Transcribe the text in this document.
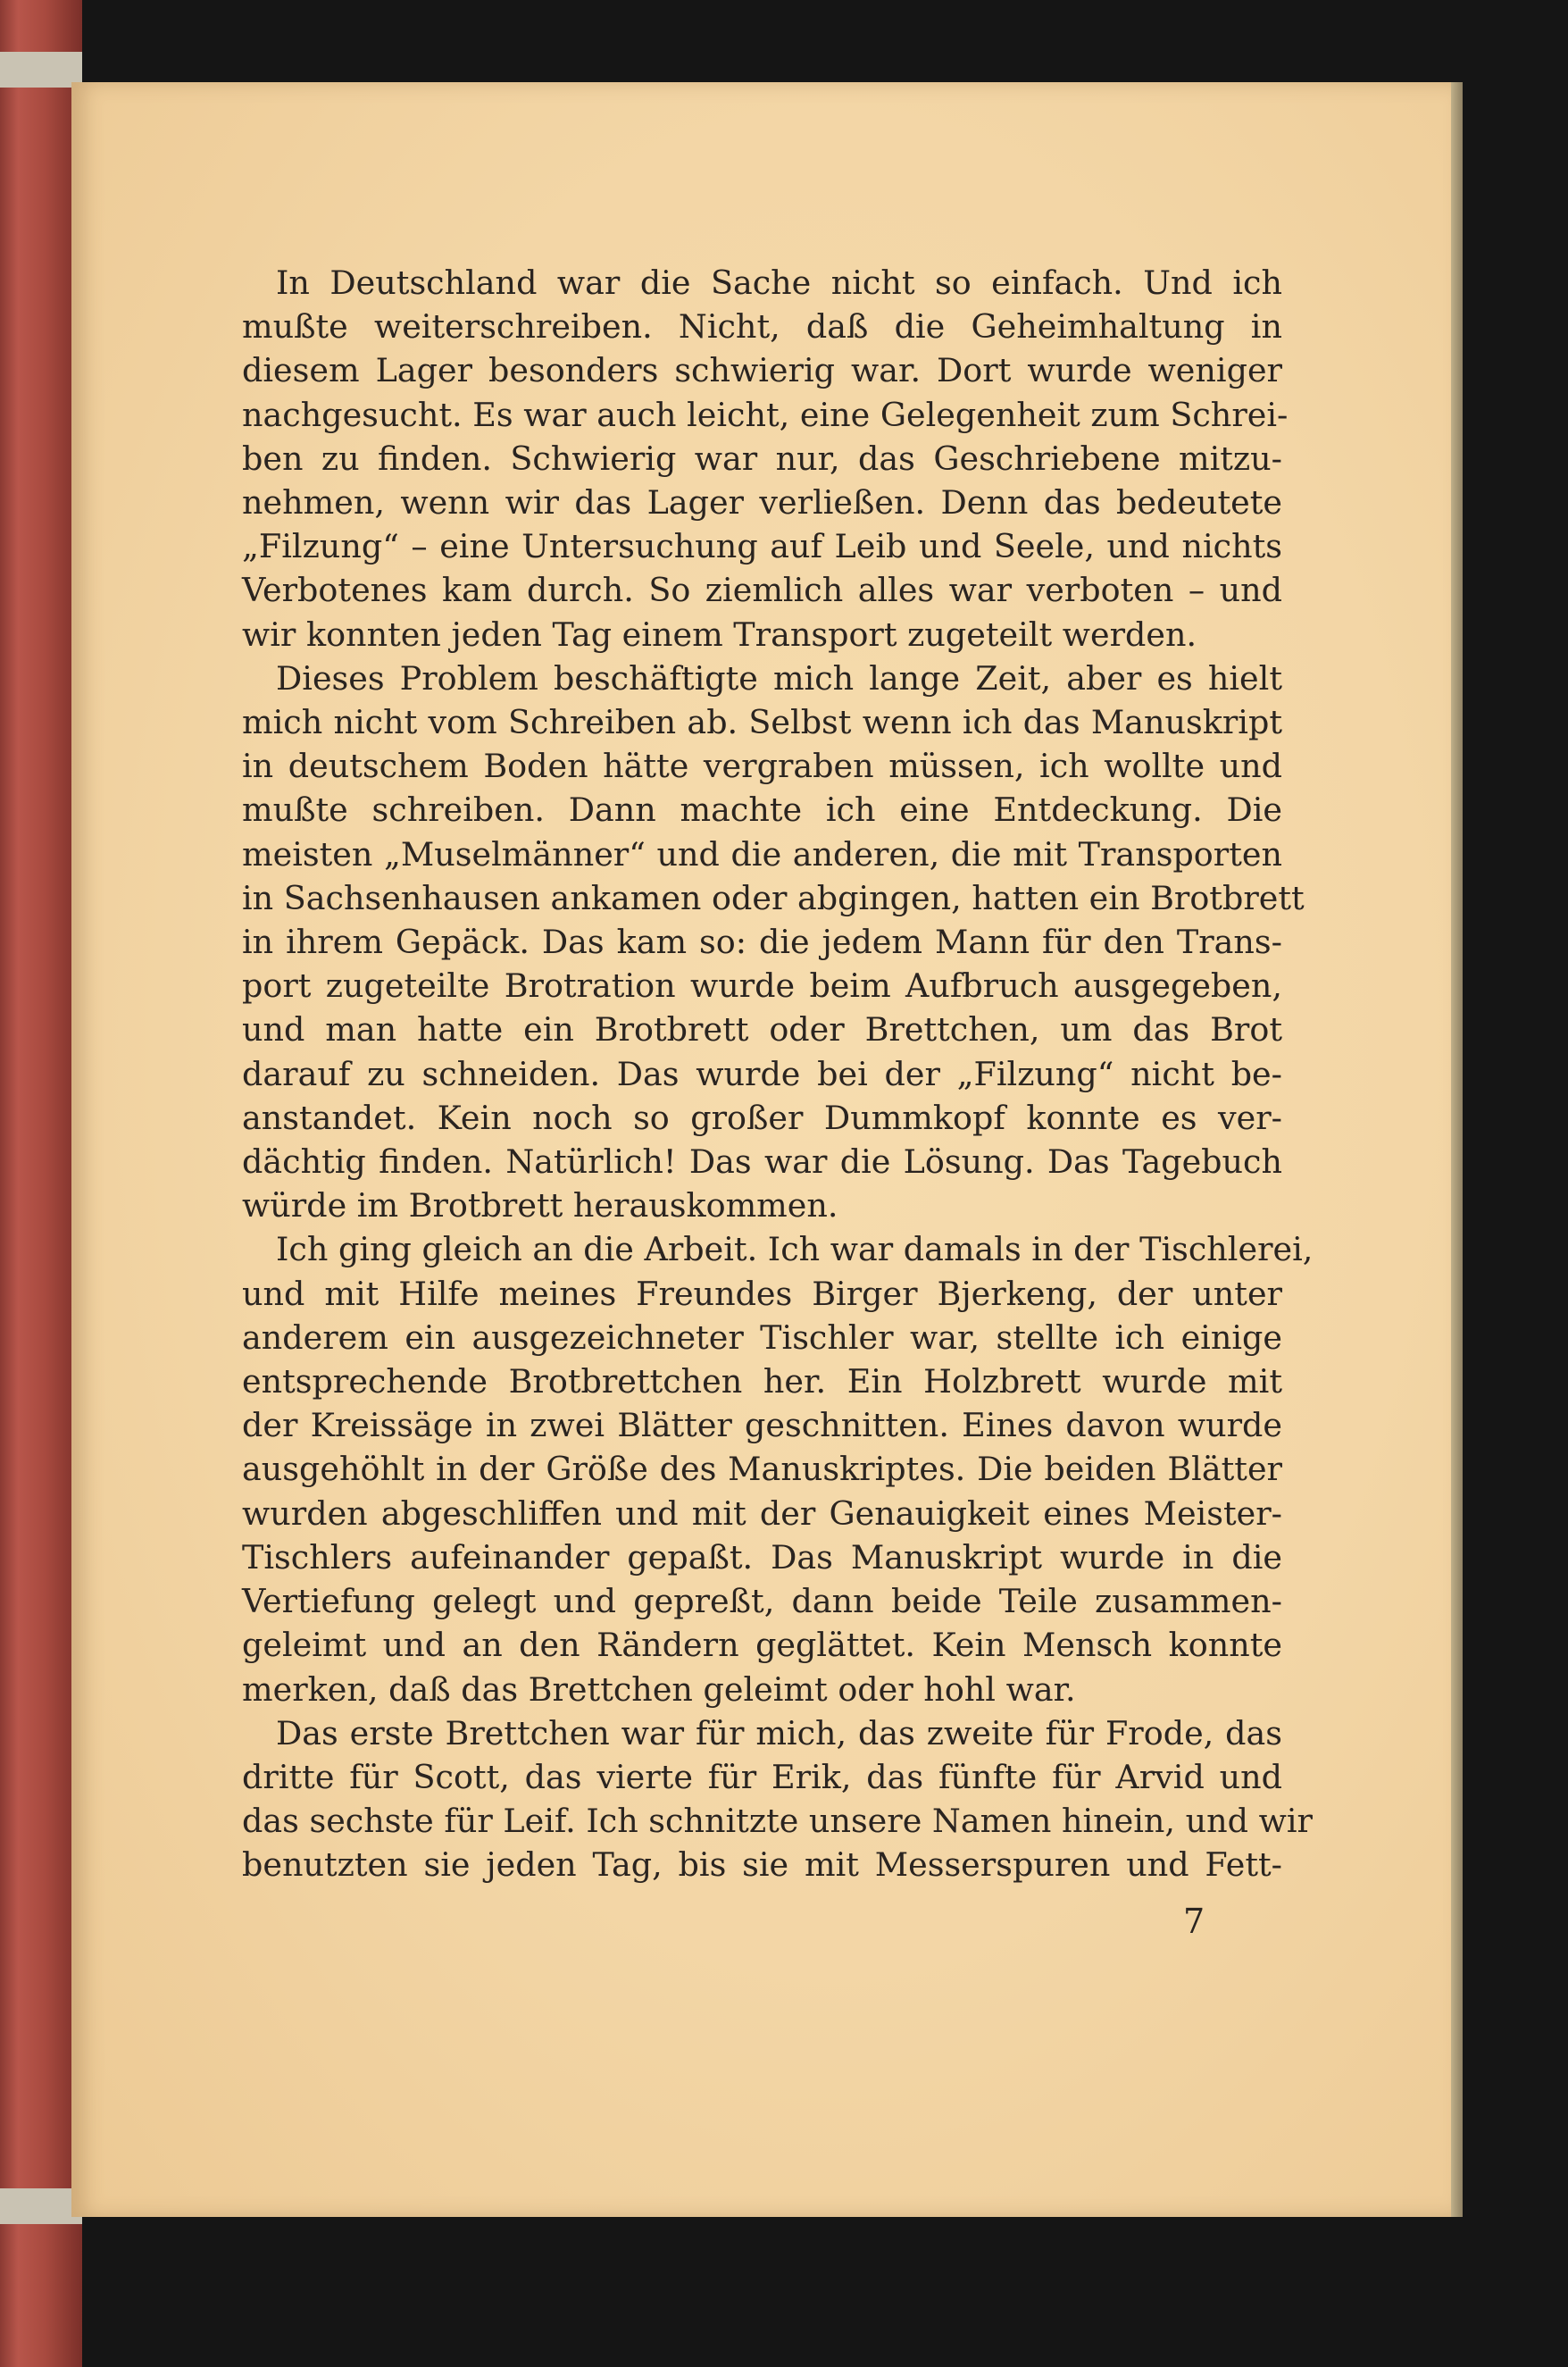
In Deutschland war die Sache nicht so einfach. Und ich
mußte weiterschreiben. Nicht, daß die Geheimhaltung in
diesem Lager besonders schwierig war. Dort wurde weniger
nachgesucht. Es war auch leicht, eine Gelegenheit zum Schrei-
ben zu finden. Schwierig war nur, das Geschriebene mitzu-
nehmen, wenn wir das Lager verließen. Denn das bedeutete
„Filzung“ – eine Untersuchung auf Leib und Seele, und nichts
Verbotenes kam durch. So ziemlich alles war verboten – und
wir konnten jeden Tag einem Transport zugeteilt werden.
Dieses Problem beschäftigte mich lange Zeit, aber es hielt
mich nicht vom Schreiben ab. Selbst wenn ich das Manuskript
in deutschem Boden hätte vergraben müssen, ich wollte und
mußte schreiben. Dann machte ich eine Entdeckung. Die
meisten „Muselmänner“ und die anderen, die mit Transporten
in Sachsenhausen ankamen oder abgingen, hatten ein Brotbrett
in ihrem Gepäck. Das kam so: die jedem Mann für den Trans-
port zugeteilte Brotration wurde beim Aufbruch ausgegeben,
und man hatte ein Brotbrett oder Brettchen, um das Brot
darauf zu schneiden. Das wurde bei der „Filzung“ nicht be-
anstandet. Kein noch so großer Dummkopf konnte es ver-
dächtig finden. Natürlich! Das war die Lösung. Das Tagebuch
würde im Brotbrett herauskommen.
Ich ging gleich an die Arbeit. Ich war damals in der Tischlerei,
und mit Hilfe meines Freundes Birger Bjerkeng, der unter
anderem ein ausgezeichneter Tischler war, stellte ich einige
entsprechende Brotbrettchen her. Ein Holzbrett wurde mit
der Kreissäge in zwei Blätter geschnitten. Eines davon wurde
ausgehöhlt in der Größe des Manuskriptes. Die beiden Blätter
wurden abgeschliffen und mit der Genauigkeit eines Meister-
Tischlers aufeinander gepaßt. Das Manuskript wurde in die
Vertiefung gelegt und gepreßt, dann beide Teile zusammen-
geleimt und an den Rändern geglättet. Kein Mensch konnte
merken, daß das Brettchen geleimt oder hohl war.
Das erste Brettchen war für mich, das zweite für Frode, das
dritte für Scott, das vierte für Erik, das fünfte für Arvid und
das sechste für Leif. Ich schnitzte unsere Namen hinein, und wir
benutzten sie jeden Tag, bis sie mit Messerspuren und Fett-
7
